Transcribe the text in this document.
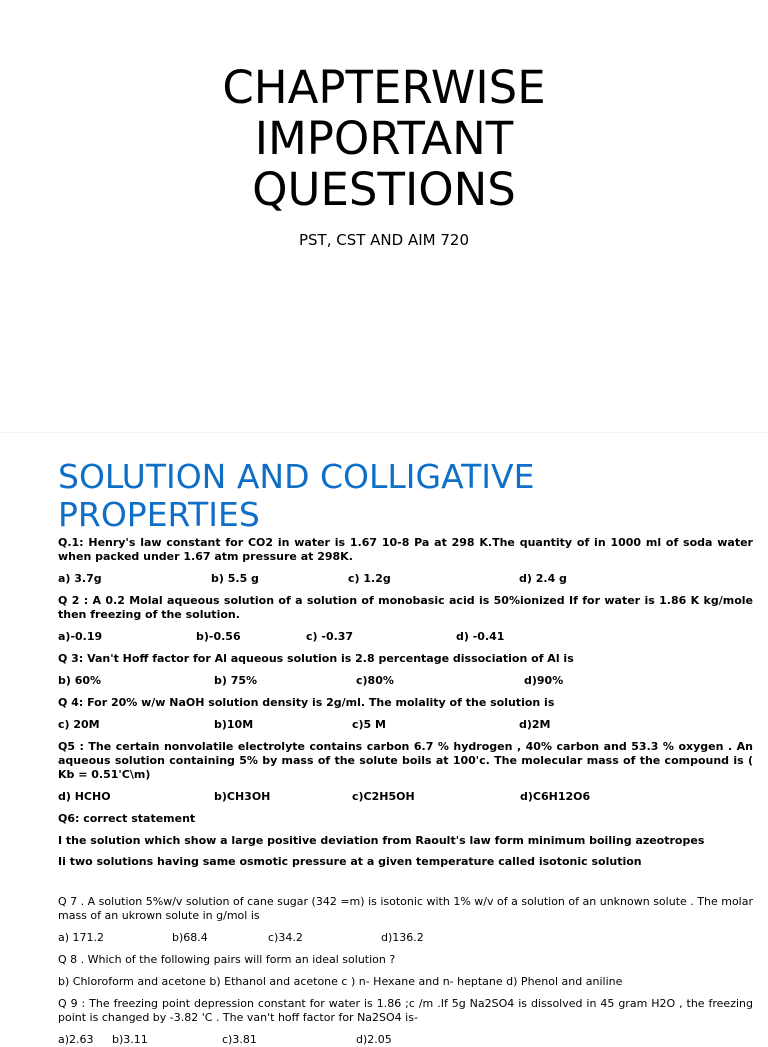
CHAPTERWISE
IMPORTANT
QUESTIONS
PST, CST AND AIM 720
SOLUTION AND COLLIGATIVE
PROPERTIES

Q.1: Henry's law constant for CO2 in water is 1.67 10-8 Pa at 298 K.The quantity of in 1000 ml of soda water when packed under 1.67 atm pressure at 298K.

a) 3.7g	b) 5.5 g	c) 1.2g	d) 2.4 g

Q 2 : A 0.2 Molal aqueous solution of a solution of monobasic acid is 50%ionized If for water is 1.86 K kg/mole then freezing of the solution.

a)-0.19	b)-0.56	c) -0.37	d) -0.41

Q 3: Van't Hoff factor for Al aqueous solution is 2.8 percentage dissociation of Al is

b) 60%	b) 75%	c)80%	d)90%

Q 4: For 20% w/w NaOH solution density is 2g/ml. The molality of the solution is

c) 20M	b)10M	c)5 M	d)2M

Q5 : The certain nonvolatile electrolyte contains carbon 6.7 % hydrogen , 40% carbon and 53.3 % oxygen . An aqueous solution containing 5% by mass of the solute boils at 100'c. The molecular mass of the compound is ( Kb = 0.51'C\m)

d) HCHO	b)CH3OH	c)C2H5OH	d)C6H12O6

Q6: correct statement

I the solution which show a large positive deviation from Raoult's law form minimum boiling azeotropes

Ii two solutions having same osmotic pressure at a given temperature called isotonic solution

Q 7 . A solution 5%w/v solution of cane sugar (342 =m) is isotonic with 1% w/v of a solution of an unknown solute . The molar mass of an ukrown solute in g/mol is

a) 171.2	b)68.4	c)34.2	d)136.2

Q 8 . Which of the following pairs will form an ideal solution ?

b) Chloroform and acetone b) Ethanol and acetone c ) n- Hexane and n- heptane d) Phenol and aniline

Q 9 : The freezing point depression constant for water is 1.86 ;c /m .If 5g Na2SO4 is dissolved in 45 gram H2O , the freezing point is changed by -3.82 'C . The van't hoff factor for Na2SO4 is-

a)2.63 b)3.11	c)3.81	d)2.05
